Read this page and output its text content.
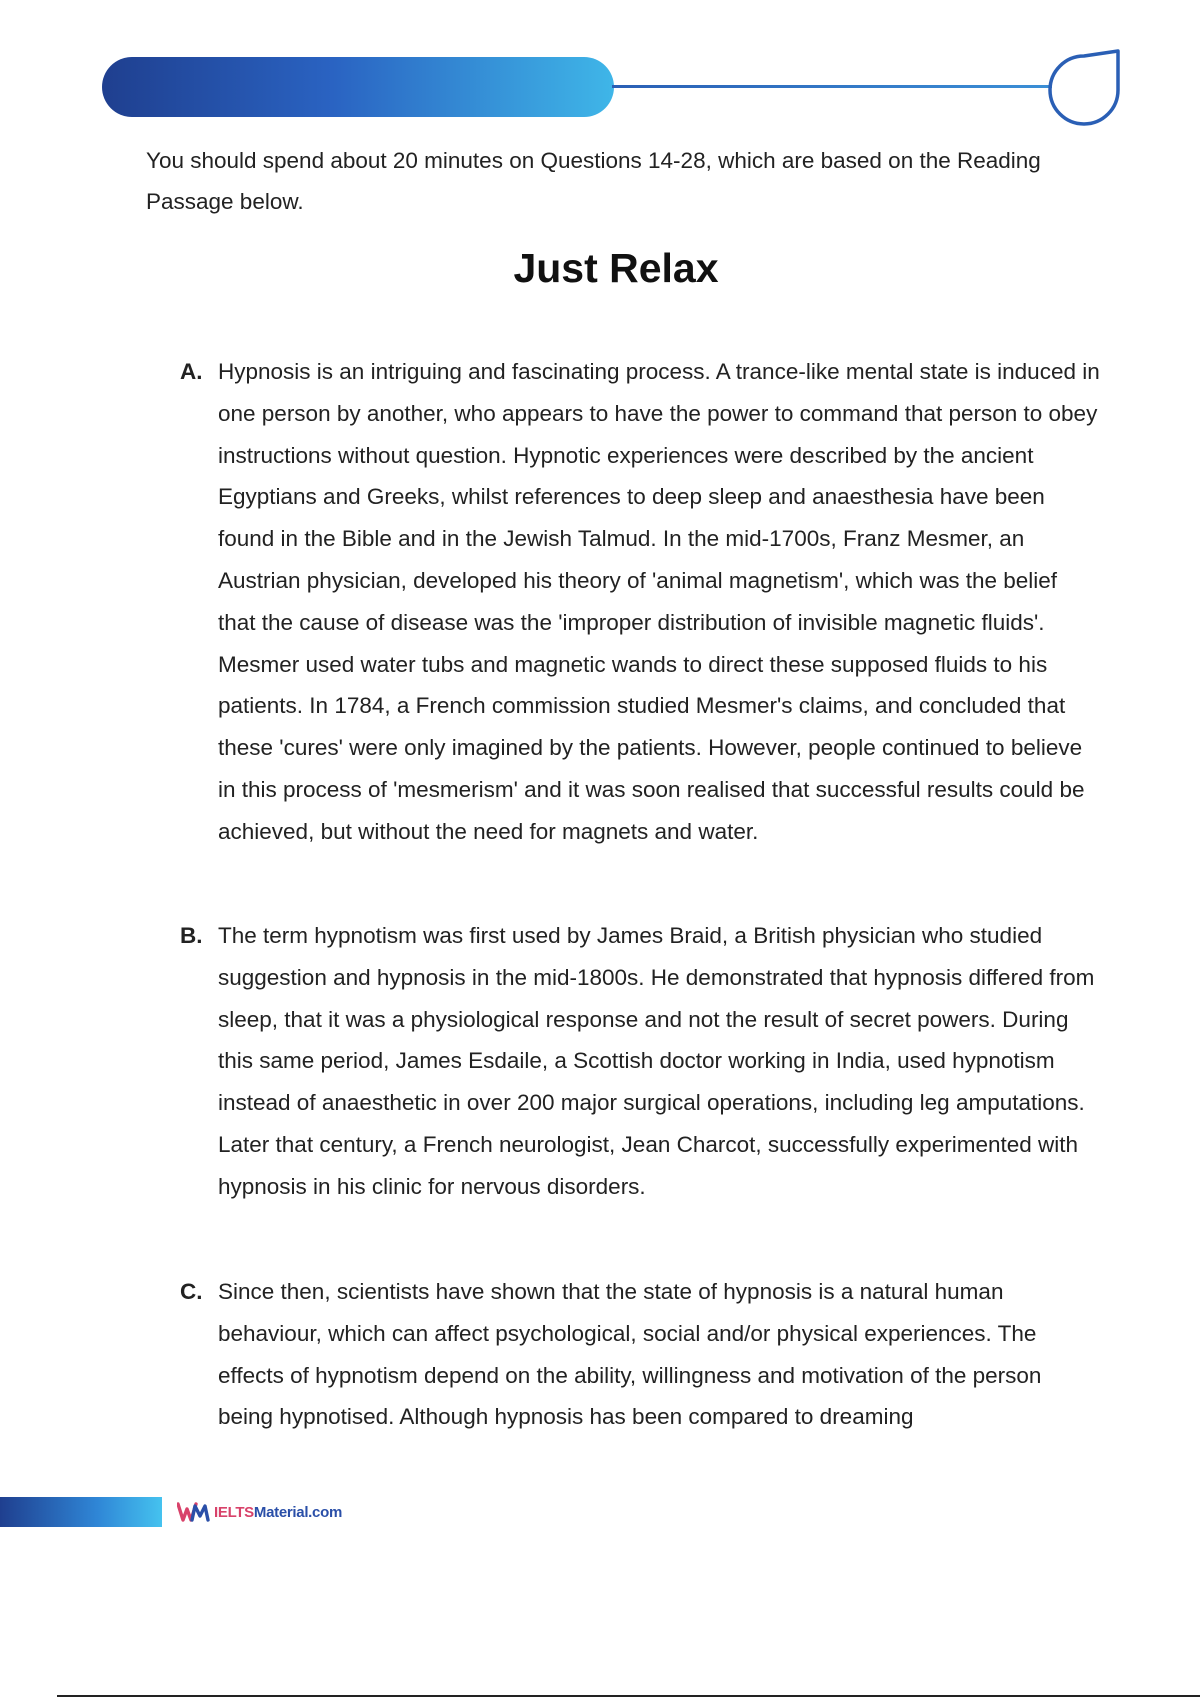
You should spend about 20 minutes on Questions 14-28, which are based on the Reading Passage below.
Just Relax
A. Hypnosis is an intriguing and fascinating process. A trance-like mental state is induced in one person by another, who appears to have the power to command that person to obey instructions without question. Hypnotic experiences were described by the ancient Egyptians and Greeks, whilst references to deep sleep and anaesthesia have been found in the Bible and in the Jewish Talmud. In the mid-1700s, Franz Mesmer, an Austrian physician, developed his theory of 'animal magnetism', which was the belief that the cause of disease was the 'improper distribution of invisible magnetic fluids'. Mesmer used water tubs and magnetic wands to direct these supposed fluids to his patients. In 1784, a French commission studied Mesmer's claims, and concluded that these 'cures' were only imagined by the patients. However, people continued to believe in this process of 'mesmerism' and it was soon realised that successful results could be achieved, but without the need for magnets and water.
B. The term hypnotism was first used by James Braid, a British physician who studied suggestion and hypnosis in the mid-1800s. He demonstrated that hypnosis differed from sleep, that it was a physiological response and not the result of secret powers. During this same period, James Esdaile, a Scottish doctor working in India, used hypnotism instead of anaesthetic in over 200 major surgical operations, including leg amputations. Later that century, a French neurologist, Jean Charcot, successfully experimented with hypnosis in his clinic for nervous disorders.
C. Since then, scientists have shown that the state of hypnosis is a natural human behaviour, which can affect psychological, social and/or physical experiences. The effects of hypnotism depend on the ability, willingness and motivation of the person being hypnotised. Although hypnosis has been compared to dreaming
IELTSMaterial.com
